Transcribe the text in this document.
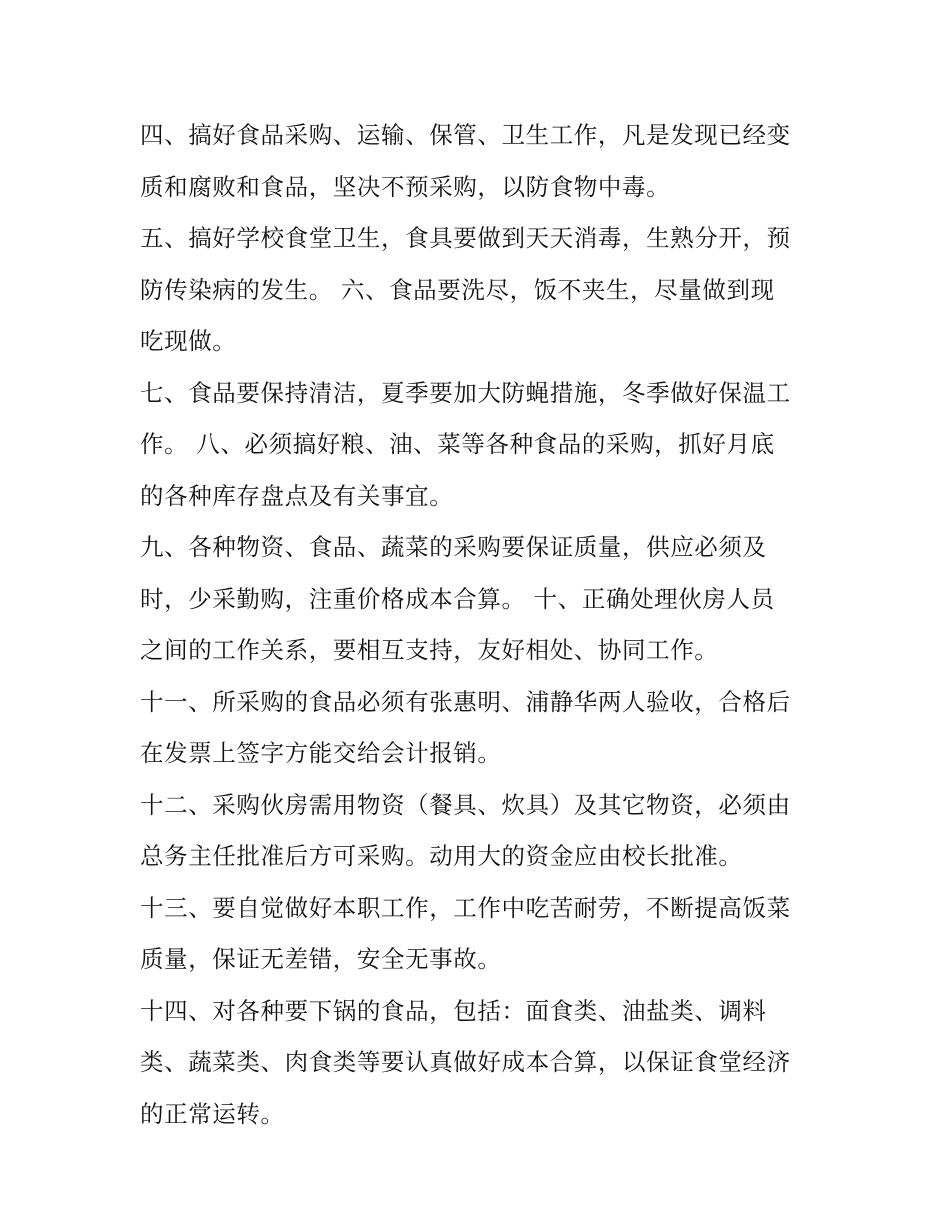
四、搞好食品采购、运输、保管、卫生工作，凡是发现已经变
质和腐败和食品，坚决不预采购，以防食物中毒。
五、搞好学校食堂卫生，食具要做到天天消毒，生熟分开，预
防传染病的发生。 六、食品要洗尽，饭不夹生，尽量做到现
吃现做。
七、食品要保持清洁，夏季要加大防蝇措施，冬季做好保温工
作。 八、必须搞好粮、油、菜等各种食品的采购，抓好月底
的各种库存盘点及有关事宜。
九、各种物资、食品、蔬菜的采购要保证质量，供应必须及
时，少采勤购，注重价格成本合算。 十、正确处理伙房人员
之间的工作关系，要相互支持，友好相处、协同工作。
十一、所采购的食品必须有张惠明、浦静华两人验收，合格后
在发票上签字方能交给会计报销。
十二、采购伙房需用物资（餐具、炊具）及其它物资，必须由
总务主任批准后方可采购。动用大的资金应由校长批准。
十三、要自觉做好本职工作，工作中吃苦耐劳，不断提高饭菜
质量，保证无差错，安全无事故。
十四、对各种要下锅的食品，包括：面食类、油盐类、调料
类、蔬菜类、肉食类等要认真做好成本合算，以保证食堂经济
的正常运转。
